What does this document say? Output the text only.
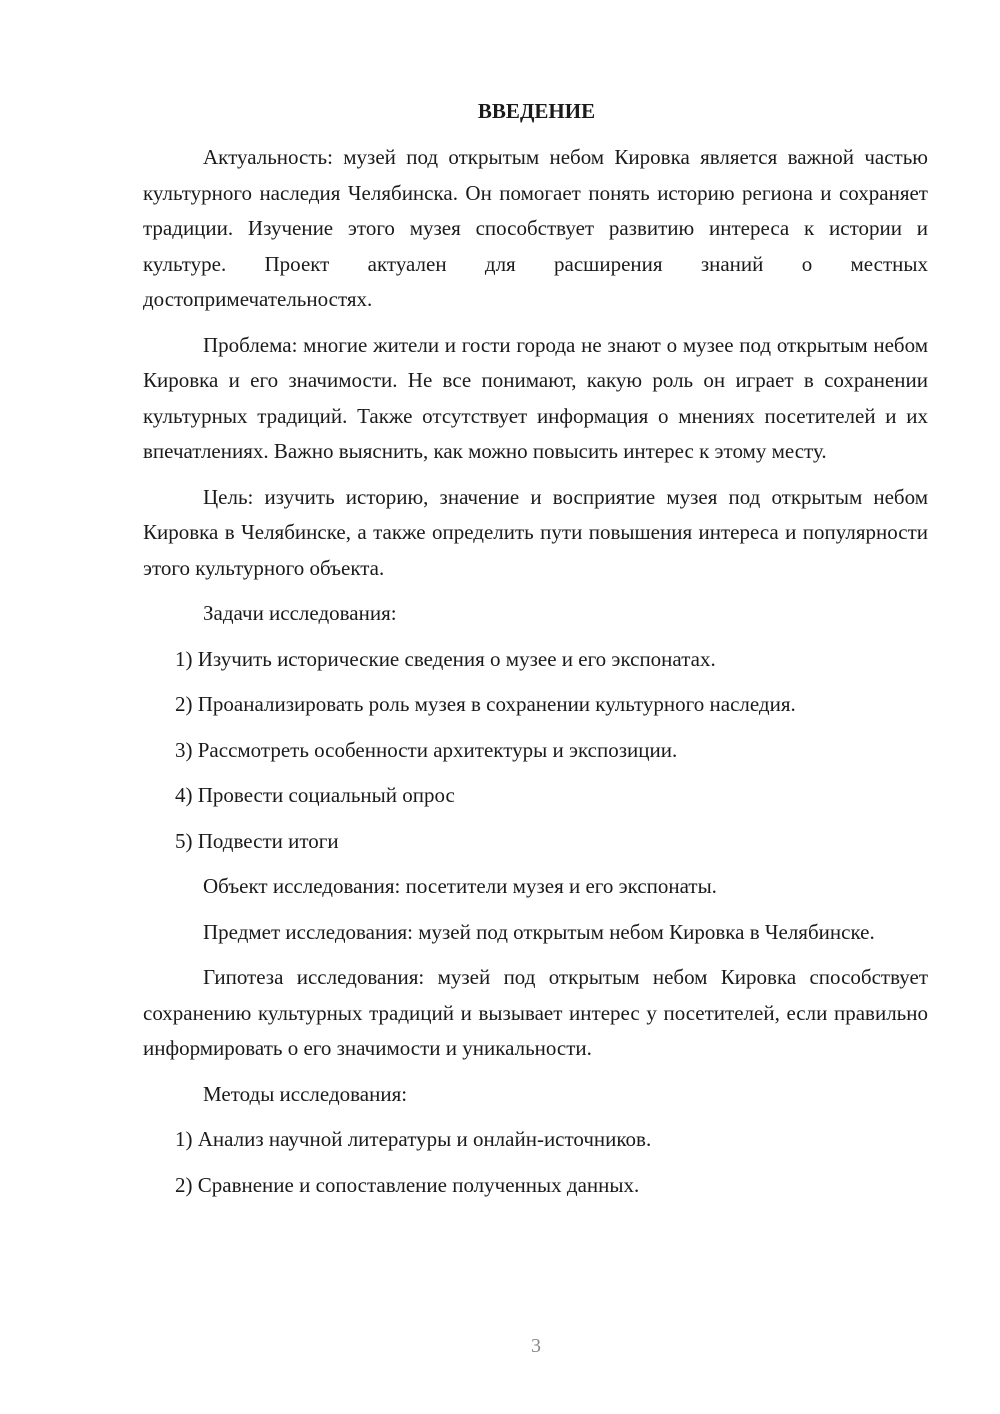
ВВЕДЕНИЕ

Актуальность: музей под открытым небом Кировка является важной частью культурного наследия Челябинска. Он помогает понять историю региона и сохраняет традиции. Изучение этого музея способствует развитию интереса к истории и культуре. Проект актуален для расширения знаний о местных достопримечательностях.

Проблема: многие жители и гости города не знают о музее под открытым небом Кировка и его значимости. Не все понимают, какую роль он играет в сохранении культурных традиций. Также отсутствует информация о мнениях посетителей и их впечатлениях. Важно выяснить, как можно повысить интерес к этому месту.

Цель: изучить историю, значение и восприятие музея под открытым небом Кировка в Челябинске, а также определить пути повышения интереса и популярности этого культурного объекта.

Задачи исследования:

1) Изучить исторические сведения о музее и его экспонатах.
2) Проанализировать роль музея в сохранении культурного наследия.
3) Рассмотреть особенности архитектуры и экспозиции.
4) Провести социальный опрос
5) Подвести итоги

Объект исследования: посетители музея и его экспонаты.

Предмет исследования: музей под открытым небом Кировка в Челябинске.

Гипотеза исследования: музей под открытым небом Кировка способствует сохранению культурных традиций и вызывает интерес у посетителей, если правильно информировать о его значимости и уникальности.

Методы исследования:

1) Анализ научной литературы и онлайн-источников.
2) Сравнение и сопоставление полученных данных.
3
